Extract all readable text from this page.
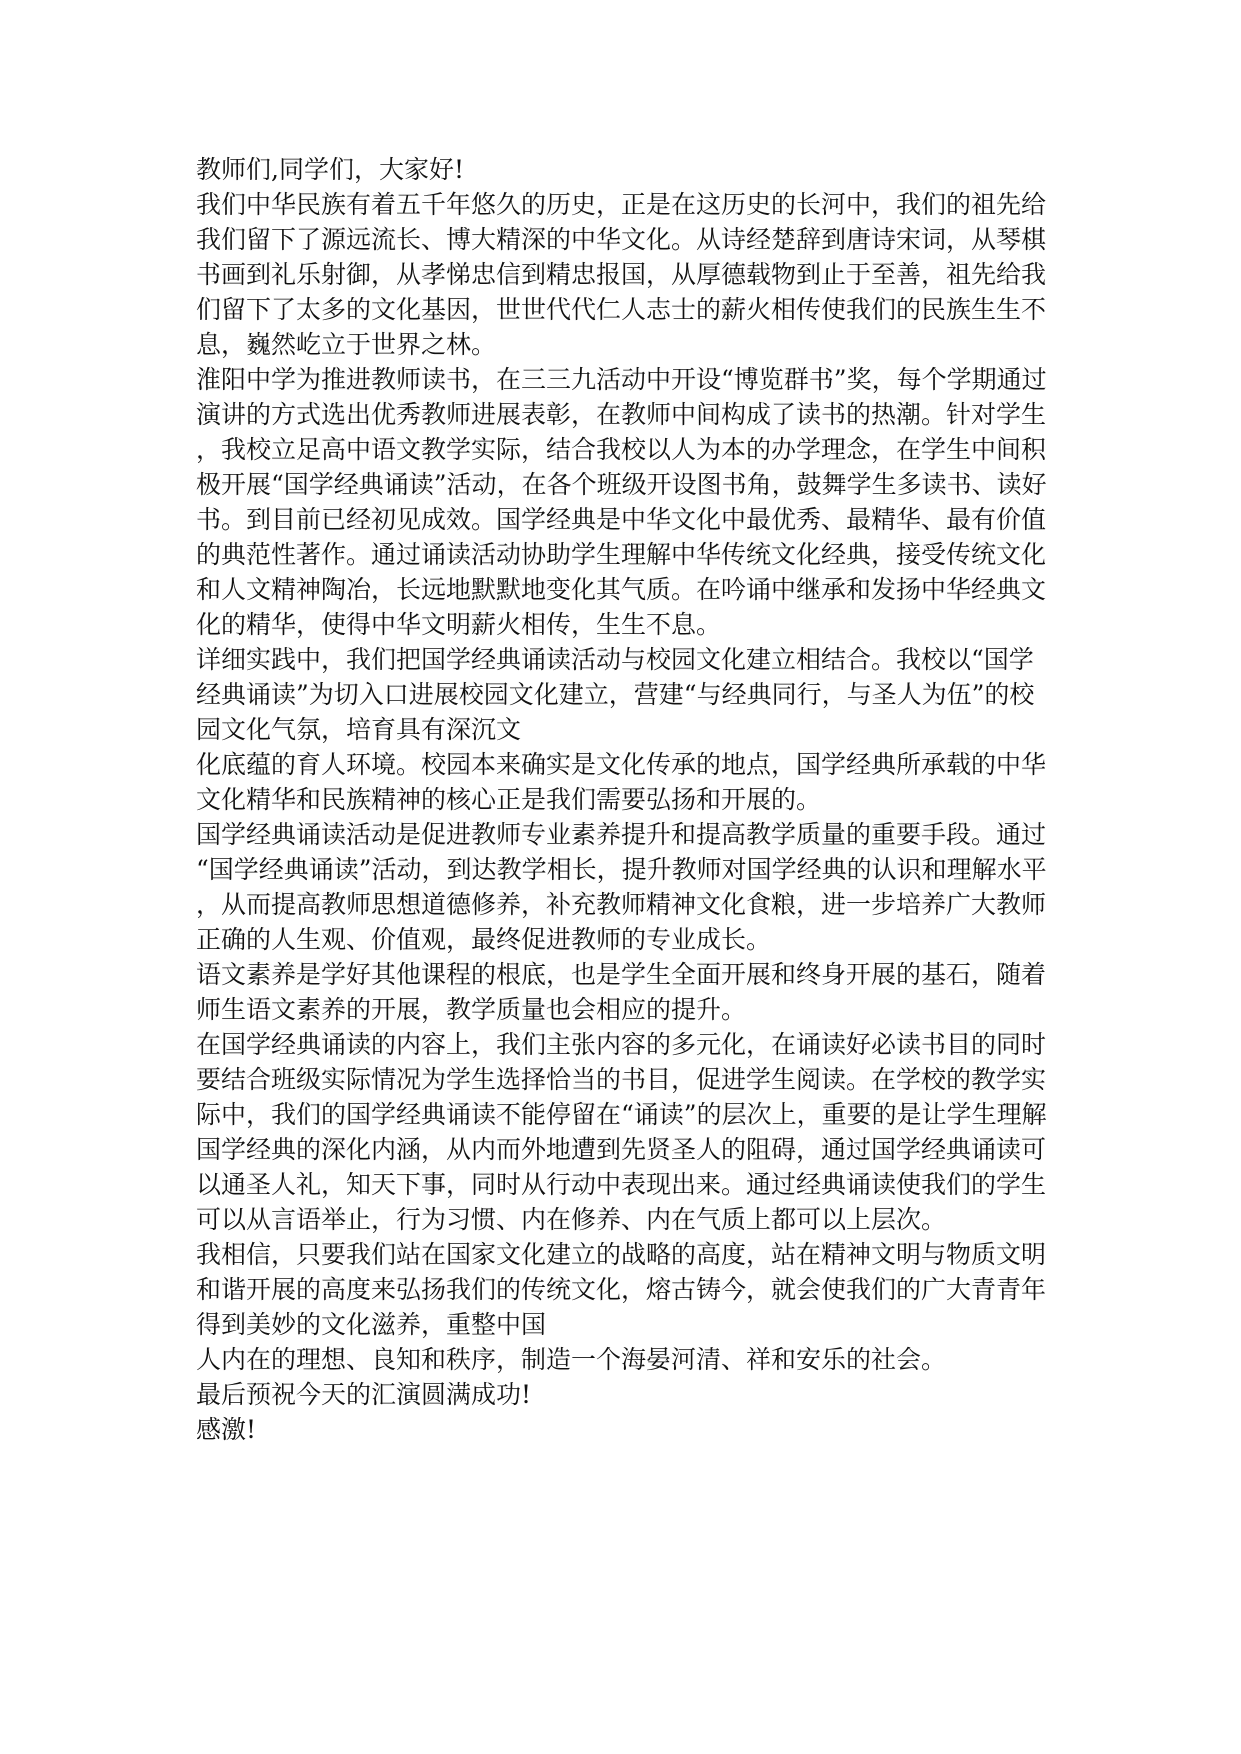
教师们,同学们，大家好!

我们中华民族有着五千年悠久的历史，正是在这历史的长河中，我们的祖先给

我们留下了源远流长、博大精深的中华文化。从诗经楚辞到唐诗宋词，从琴棋

书画到礼乐射御，从孝悌忠信到精忠报国，从厚德载物到止于至善，祖先给我

们留下了太多的文化基因，世世代代仁人志士的薪火相传使我们的民族生生不

息，巍然屹立于世界之林。

淮阳中学为推进教师读书，在三三九活动中开设“博览群书”奖，每个学期通过

演讲的方式选出优秀教师进展表彰，在教师中间构成了读书的热潮。针对学生

，我校立足高中语文教学实际，结合我校以人为本的办学理念，在学生中间积

极开展“国学经典诵读”活动，在各个班级开设图书角，鼓舞学生多读书、读好

书。到目前已经初见成效。国学经典是中华文化中最优秀、最精华、最有价值

的典范性著作。通过诵读活动协助学生理解中华传统文化经典，接受传统文化

和人文精神陶冶，长远地默默地变化其气质。在吟诵中继承和发扬中华经典文

化的精华，使得中华文明薪火相传，生生不息。

详细实践中，我们把国学经典诵读活动与校园文化建立相结合。我校以“国学

经典诵读”为切入口进展校园文化建立，营建“与经典同行，与圣人为伍”的校

园文化气氛，培育具有深沉文

化底蕴的育人环境。校园本来确实是文化传承的地点，国学经典所承载的中华

文化精华和民族精神的核心正是我们需要弘扬和开展的。

国学经典诵读活动是促进教师专业素养提升和提高教学质量的重要手段。通过

“国学经典诵读”活动，到达教学相长，提升教师对国学经典的认识和理解水平

，从而提高教师思想道德修养，补充教师精神文化食粮，进一步培养广大教师

正确的人生观、价值观，最终促进教师的专业成长。

语文素养是学好其他课程的根底，也是学生全面开展和终身开展的基石，随着

师生语文素养的开展，教学质量也会相应的提升。

在国学经典诵读的内容上，我们主张内容的多元化，在诵读好必读书目的同时

要结合班级实际情况为学生选择恰当的书目，促进学生阅读。在学校的教学实

际中，我们的国学经典诵读不能停留在“诵读”的层次上，重要的是让学生理解

国学经典的深化内涵，从内而外地遭到先贤圣人的阻碍，通过国学经典诵读可

以通圣人礼，知天下事，同时从行动中表现出来。通过经典诵读使我们的学生

可以从言语举止，行为习惯、内在修养、内在气质上都可以上层次。

我相信，只要我们站在国家文化建立的战略的高度，站在精神文明与物质文明

和谐开展的高度来弘扬我们的传统文化，熔古铸今，就会使我们的广大青青年

得到美妙的文化滋养，重整中国

人内在的理想、良知和秩序，制造一个海晏河清、祥和安乐的社会。

最后预祝今天的汇演圆满成功!

感激!
